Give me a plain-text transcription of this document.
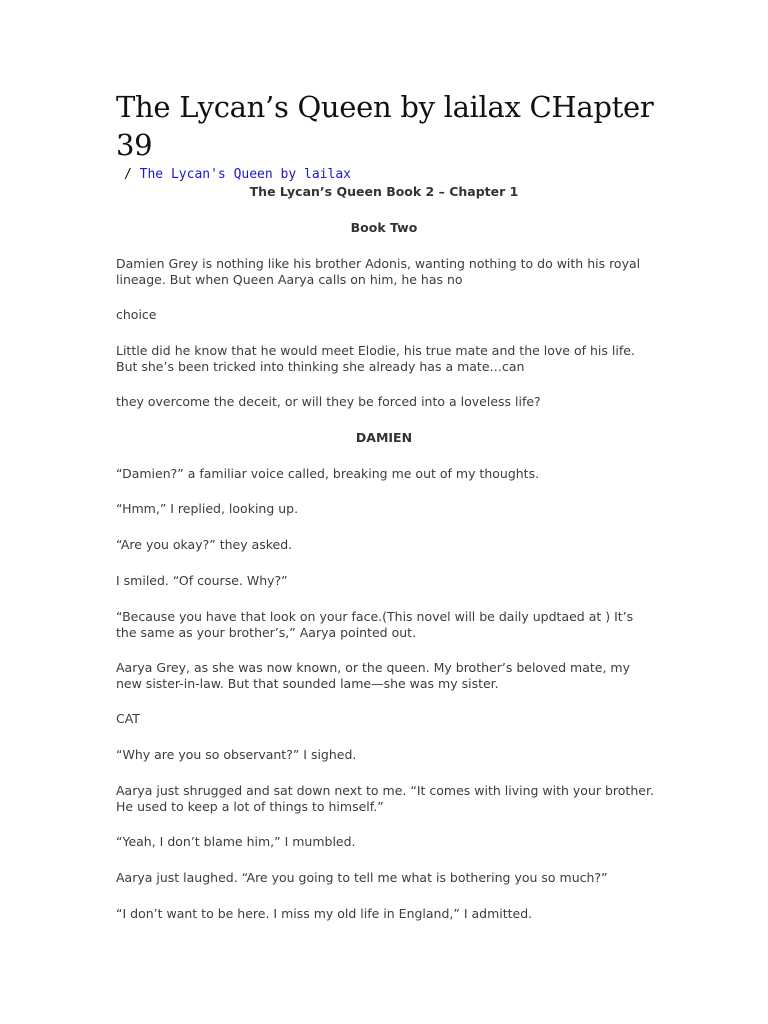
The Lycan’s Queen by lailax CHapter 39
/ The Lycan's Queen by lailax

The Lycan’s Queen Book 2 – Chapter 1

Book Two

Damien Grey is nothing like his brother Adonis, wanting nothing to do with his royal lineage. But when Queen Aarya calls on him, he has no

choice

Little did he know that he would meet Elodie, his true mate and the love of his life. But she’s been tricked into thinking she already has a mate…can

they overcome the deceit, or will they be forced into a loveless life?

DAMIEN

“Damien?” a familiar voice called, breaking me out of my thoughts.

“Hmm,” I replied, looking up.

“Are you okay?” they asked.

I smiled. “Of course. Why?”

“Because you have that look on your face.(This novel will be daily updtaed at ) It’s the same as your brother’s,” Aarya pointed out.

Aarya Grey, as she was now known, or the queen. My brother’s beloved mate, my new sister-in-law. But that sounded lame—she was my sister.

CAT

“Why are you so observant?” I sighed.

Aarya just shrugged and sat down next to me. “It comes with living with your brother. He used to keep a lot of things to himself.”

“Yeah, I don’t blame him,” I mumbled.

Aarya just laughed. “Are you going to tell me what is bothering you so much?”

“I don’t want to be here. I miss my old life in England,” I admitted.
